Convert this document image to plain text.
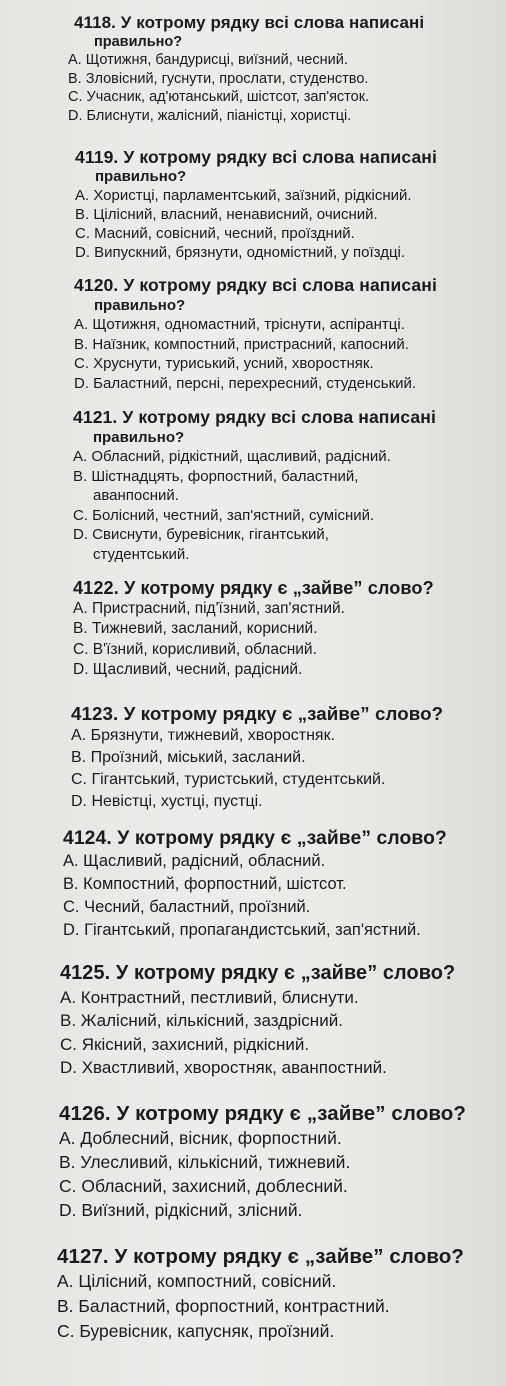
4118. У котрому рядку всі слова написані
правильно?
A. Щотижня, бандурисці, виїзний, чесний.
B. Зловісний, гуснути, прослати, студенство.
C. Учасник, ад'ютанський, шістсот, зап'ясток.
D. Блиснути, жалісний, піаністці, хористці.
4119. У котрому рядку всі слова написані
правильно?
A. Хористці, парламентський, заїзний, рідкісний.
B. Цілісний, власний, ненависний, очисний.
C. Масний, совісний, чесний, проїздний.
D. Випускний, брязнути, одномістний, у поїздці.
4120. У котрому рядку всі слова написані
правильно?
A. Щотижня, одномастний, тріснути, аспірантці.
B. Наїзник, компостний, пристрасний, капосний.
C. Хруснути, туриський, усний, хворостняк.
D. Баластний, персні, перехресний, студенський.
4121. У котрому рядку всі слова написані
правильно?
A. Обласний, рідкістний, щасливий, радісний.
B. Шістнадцять, форпостний, баластний,
аванпосний.
C. Болісний, честний, зап'ястний, сумісний.
D. Свиснути, буревісник, гігантський,
студентський.
4122. У котрому рядку є „зайве” слово?
A. Пристрасний, під'їзний, зап'ястний.
B. Тижневий, засланий, корисний.
C. В'їзний, кориcливий, обласний.
D. Щасливий, чесний, радісний.
4123. У котрому рядку є „зайве” слово?
A. Брязнути, тижневий, хворостняк.
B. Проїзний, міський, засланий.
C. Гігантський, туристський, студентський.
D. Невістці, хустці, пустці.
4124. У котрому рядку є „зайве” слово?
A. Щасливий, радісний, обласний.
B. Компостний, форпостний, шістсот.
C. Чесний, баластний, проїзний.
D. Гігантський, пропагандистський, зап'ястний.
4125. У котрому рядку є „зайве” слово?
A. Контрастний, пестливий, блиснути.
B. Жалісний, кількісний, заздрісний.
C. Якісний, захисний, рідкісний.
D. Хвастливий, хворостняк, аванпостний.
4126. У котрому рядку є „зайве” слово?
A. Доблесний, вісник, форпостний.
B. Улесливий, кількісний, тижневий.
C. Обласний, захисний, доблесний.
D. Виїзний, рідкісний, злісний.
4127. У котрому рядку є „зайве” слово?
A. Цілісний, компостний, совісний.
B. Баластний, форпостний, контрастний.
C. Буревісник, капусняк, проїзний.
